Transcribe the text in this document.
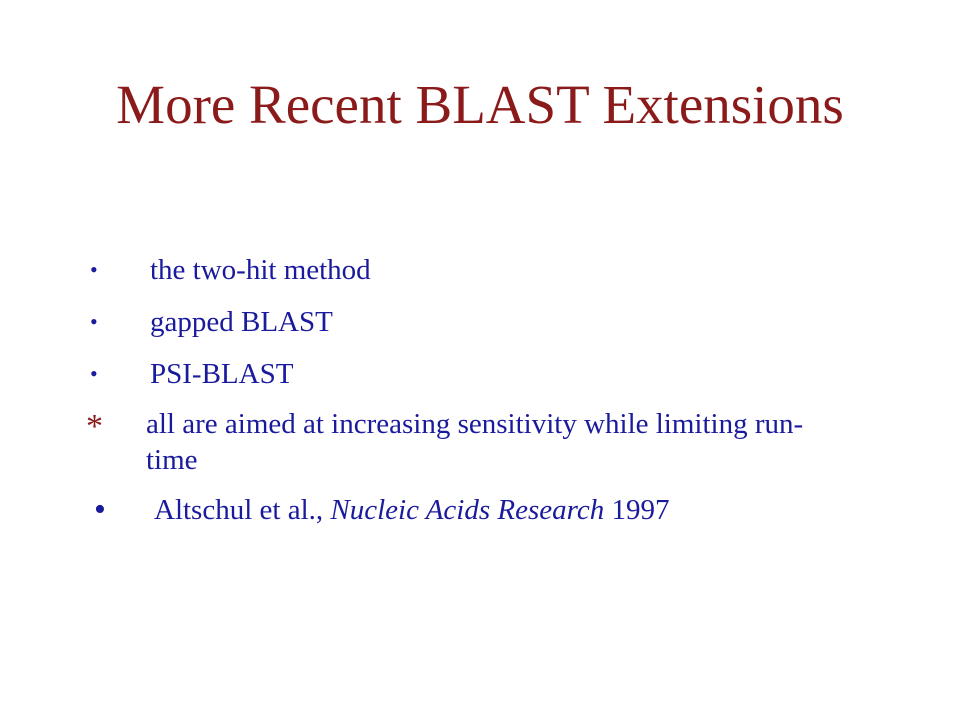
More Recent BLAST Extensions
•	the two-hit method
•	gapped BLAST
•	PSI-BLAST
*	all are aimed at increasing sensitivity while limiting run-time
•	Altschul et al., Nucleic Acids Research 1997
